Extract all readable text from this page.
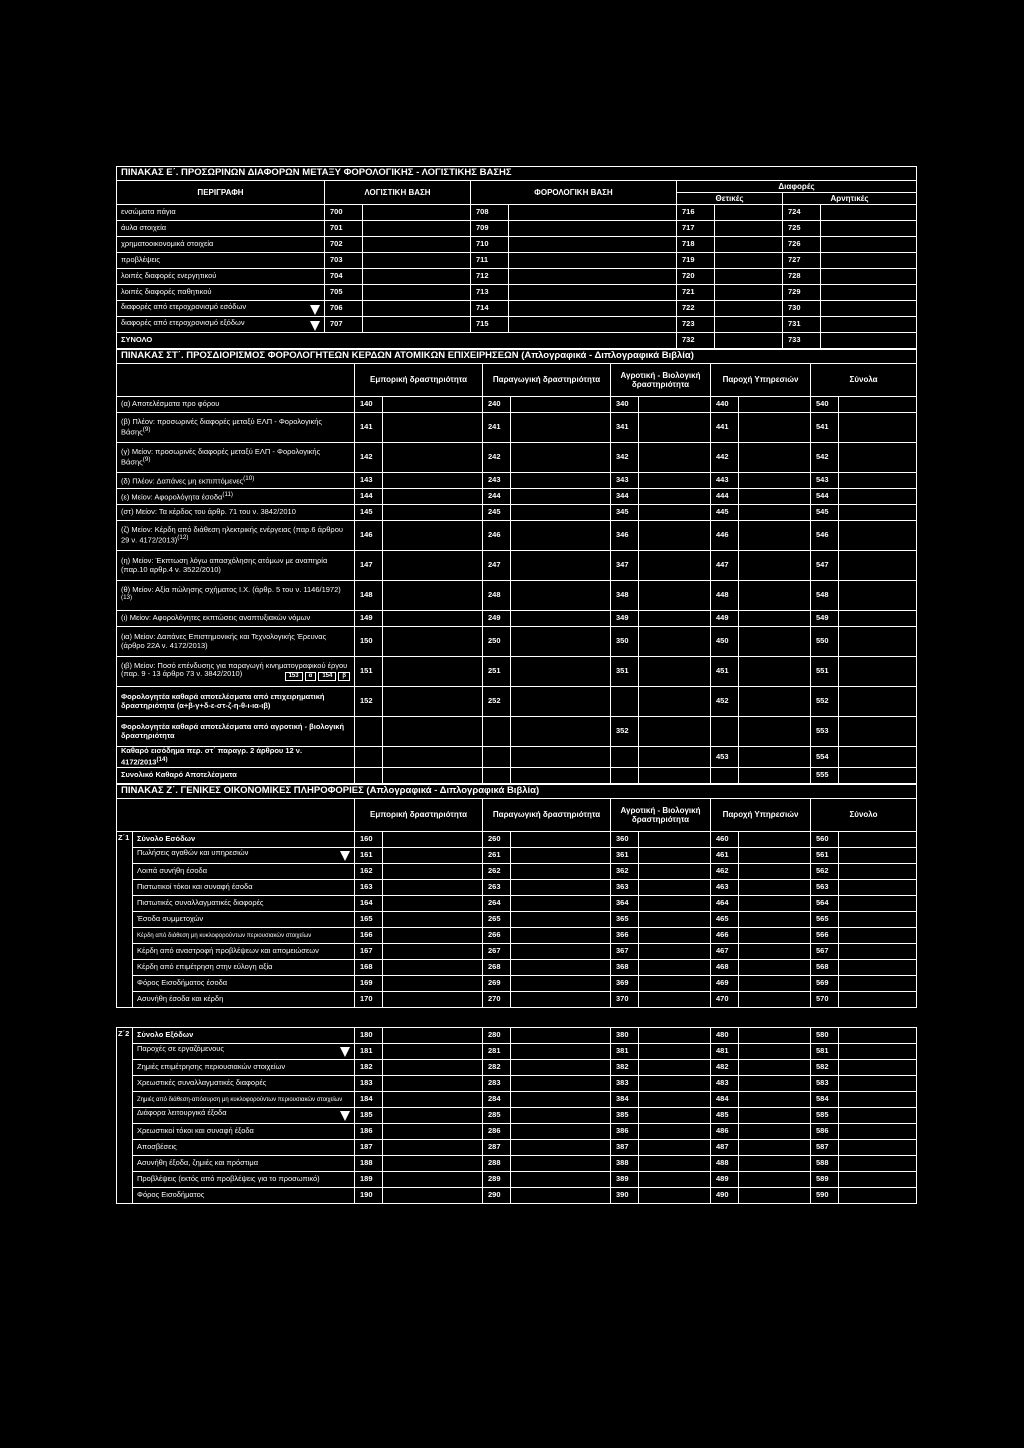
ΠΙΝΑΚΑΣ Ε΄. ΠΡΟΣΩΡΙΝΩΝ ΔΙΑΦΟΡΩΝ ΜΕΤΑΞΥ ΦΟΡΟΛΟΓΙΚΗΣ - ΛΟΓΙΣΤΙΚΗΣ ΒΑΣΗΣ								
ΠΕΡΙΓΡΑΦΗ	ΛΟΓΙΣΤΙΚΗ ΒΑΣΗ		ΦΟΡΟΛΟΓΙΚΗ ΒΑΣΗ		Διαφορές			
					Θετικές		Αρνητικές	
ενσώματα πάγια	700		708		716		724	
άυλα στοιχεία	701		709		717		725	
χρηματοοικονομικά στοιχεία	702		710		718		726	
προβλέψεις	703		711		719		727	
λοιπές διαφορές ενεργητικού	704		712		720		728	
λοιπές διαφορές παθητικού	705		713		721		729	
διαφορές από ετεροχρονισμό εσόδων	706		714		722		730	
διαφορές από ετεροχρονισμό εξόδων	707		715		723		731	
ΣΥΝΟΛΟ					732		733	
ΠΙΝΑΚΑΣ ΣΤ΄. ΠΡΟΣΔΙΟΡΙΣΜΟΣ ΦΟΡΟΛΟΓΗΤΕΩΝ ΚΕΡΔΩΝ ΑΤΟΜΙΚΩΝ ΕΠΙΧΕΙΡΗΣΕΩΝ (Απλογραφικά - Διπλογραφικά Βιβλία)										
	Εμπορική δραστηριότητα		Παραγωγική δραστηριότητα		Αγροτική - Βιολογική δραστηριότητα		Παροχή Υπηρεσιών		Σύνολα	
(α) Αποτελέσματα προ φόρου	140		240		340		440		540	
(β) Πλέον: προσωρινές διαφορές μεταξύ ΕΛΠ - Φορολογικής Βάσης$^{(9)}$	141		241		341		441		541	
(γ) Μείον: προσωρινές διαφορές μεταξύ ΕΛΠ - Φορολογικής Βάσης$^{(9)}$	142		242		342		442		542	
(δ) Πλέον: Δαπάνες μη εκπιπτόμενες$^{(10)}$	143		243		343		443		543	
(ε) Μείον: Αφορολόγητα έσοδα$^{(11)}$	144		244		344		444		544	
(στ) Μείον: Τα κέρδος του άρθρ. 71 του ν. 3842/2010	145		245		345		445		545	
(ζ) Μείον: Κέρδη από διάθεση ηλεκτρικής ενέργειας (παρ.6 άρθρου 29 ν. 4172/2013)$^{(12)}$	146		246		346		446		546	
(η) Μείον: Έκπτωση λόγω απασχόλησης ατόμων με αναπηρία (παρ.10 αρθρ.4 ν. 3522/2010)	147		247		347		447		547	
(θ) Μείον: Αξία πώλησης σχήματος Ι.Χ. (άρθρ. 5 του ν. 1146/1972)$^{(13)}$	148		248		348		448		548	
(ι) Μείον: Αφορολόγητες εκπτώσεις αναπτυξιακών νόμων	149		249		349		449		549	
(ια) Μείον: Δαπάνες Επιστημονικής και Τεχνολογικής Έρευνας (άρθρο 22Α ν. 4172/2013)	150		250		350		450		550	
(ιβ) Μείον: Ποσό επένδυσης για παραγωγή κινηματογραφικού έργου (παρ. 9 - 13 άρθρο 73 ν. 3842/2010) 153 α 154 β	151		251		351		451		551	
Φορολογητέα καθαρά αποτελέσματα από επιχειρηματική δραστηριότητα (α+β-γ+δ-ε-στ-ζ-η-θ-ι-ια-ιβ)	152		252				452		552	
Φορολογητέα καθαρά αποτελέσματα από αγροτική - βιολογική δραστηριότητα					352				553	
Καθαρό εισόδημα περ. στ΄ παραγρ. 2 άρθρου 12 ν. 4172/2013$^{(14)}$							453		554	
Συνολικό Καθαρό Αποτελέσματα									555	
ΠΙΝΑΚΑΣ Ζ΄. ΓΕΝΙΚΕΣ ΟΙΚΟΝΟΜΙΚΕΣ ΠΛΗΡΟΦΟΡΙΕΣ (Απλογραφικά - Διπλογραφικά Βιβλία)											
		Εμπορική δραστηριότητα		Παραγωγική δραστηριότητα		Αγροτική - Βιολογική δραστηριότητα		Παροχή Υπηρεσιών		Σύνολο	
Ζ΄1	Σύνολο Εσόδων	160		260		360		460		560	
	Πωλήσεις αγαθών και υπηρεσιών	161		261		361		461		561	
	Λοιπά συνήθη έσοδα	162		262		362		462		562	
	Πιστωτικοί τόκοι και συναφή έσοδα	163		263		363		463		563	
	Πιστωτικές συναλλαγματικές διαφορές	164		264		364		464		564	
	Έσοδα συμμετοχών	165		265		365		465		565	
	Κέρδη από διάθεση μη κυκλοφορούντων περιουσιακών στοιχείων	166		266		366		466		566	
	Κέρδη από αναστροφή προβλέψεων και απομειώσεων	167		267		367		467		567	
	Κέρδη από επιμέτρηση στην εύλογη αξία	168		268		368		468		568	
	Φόρος Εισοδήματος έσοδα	169		269		369		469		569	
	Ασυνήθη έσοδα και κέρδη	170		270		370		470		570	

Ζ΄2	Σύνολο Εξόδων	180		280		380		480		580	
	Παροχές σε εργαζόμενους	181		281		381		481		581	
	Ζημιές επιμέτρησης περιουσιακών στοιχείων	182		282		382		482		582	
	Χρεωστικές συναλλαγματικές διαφορές	183		283		383		483		583	
	Ζημιές από διάθεση-απόσυρση μη κυκλοφορούντων περιουσιακών στοιχείων	184		284		384		484		584	
	Διάφορα λειτουργικά έξοδα	185		285		385		485		585	
	Χρεωστικοί τόκοι και συναφή έξοδα	186		286		386		486		586	
	Αποσβέσεις	187		287		387		487		587	
	Ασυνήθη έξοδα, ζημιές και πρόστιμα	188		288		388		488		588	
	Προβλέψεις (εκτός από προβλέψεις για το προσωπικό)	189		289		389		489		589	
	Φόρος Εισοδήματος	190		290		390		490		590	
